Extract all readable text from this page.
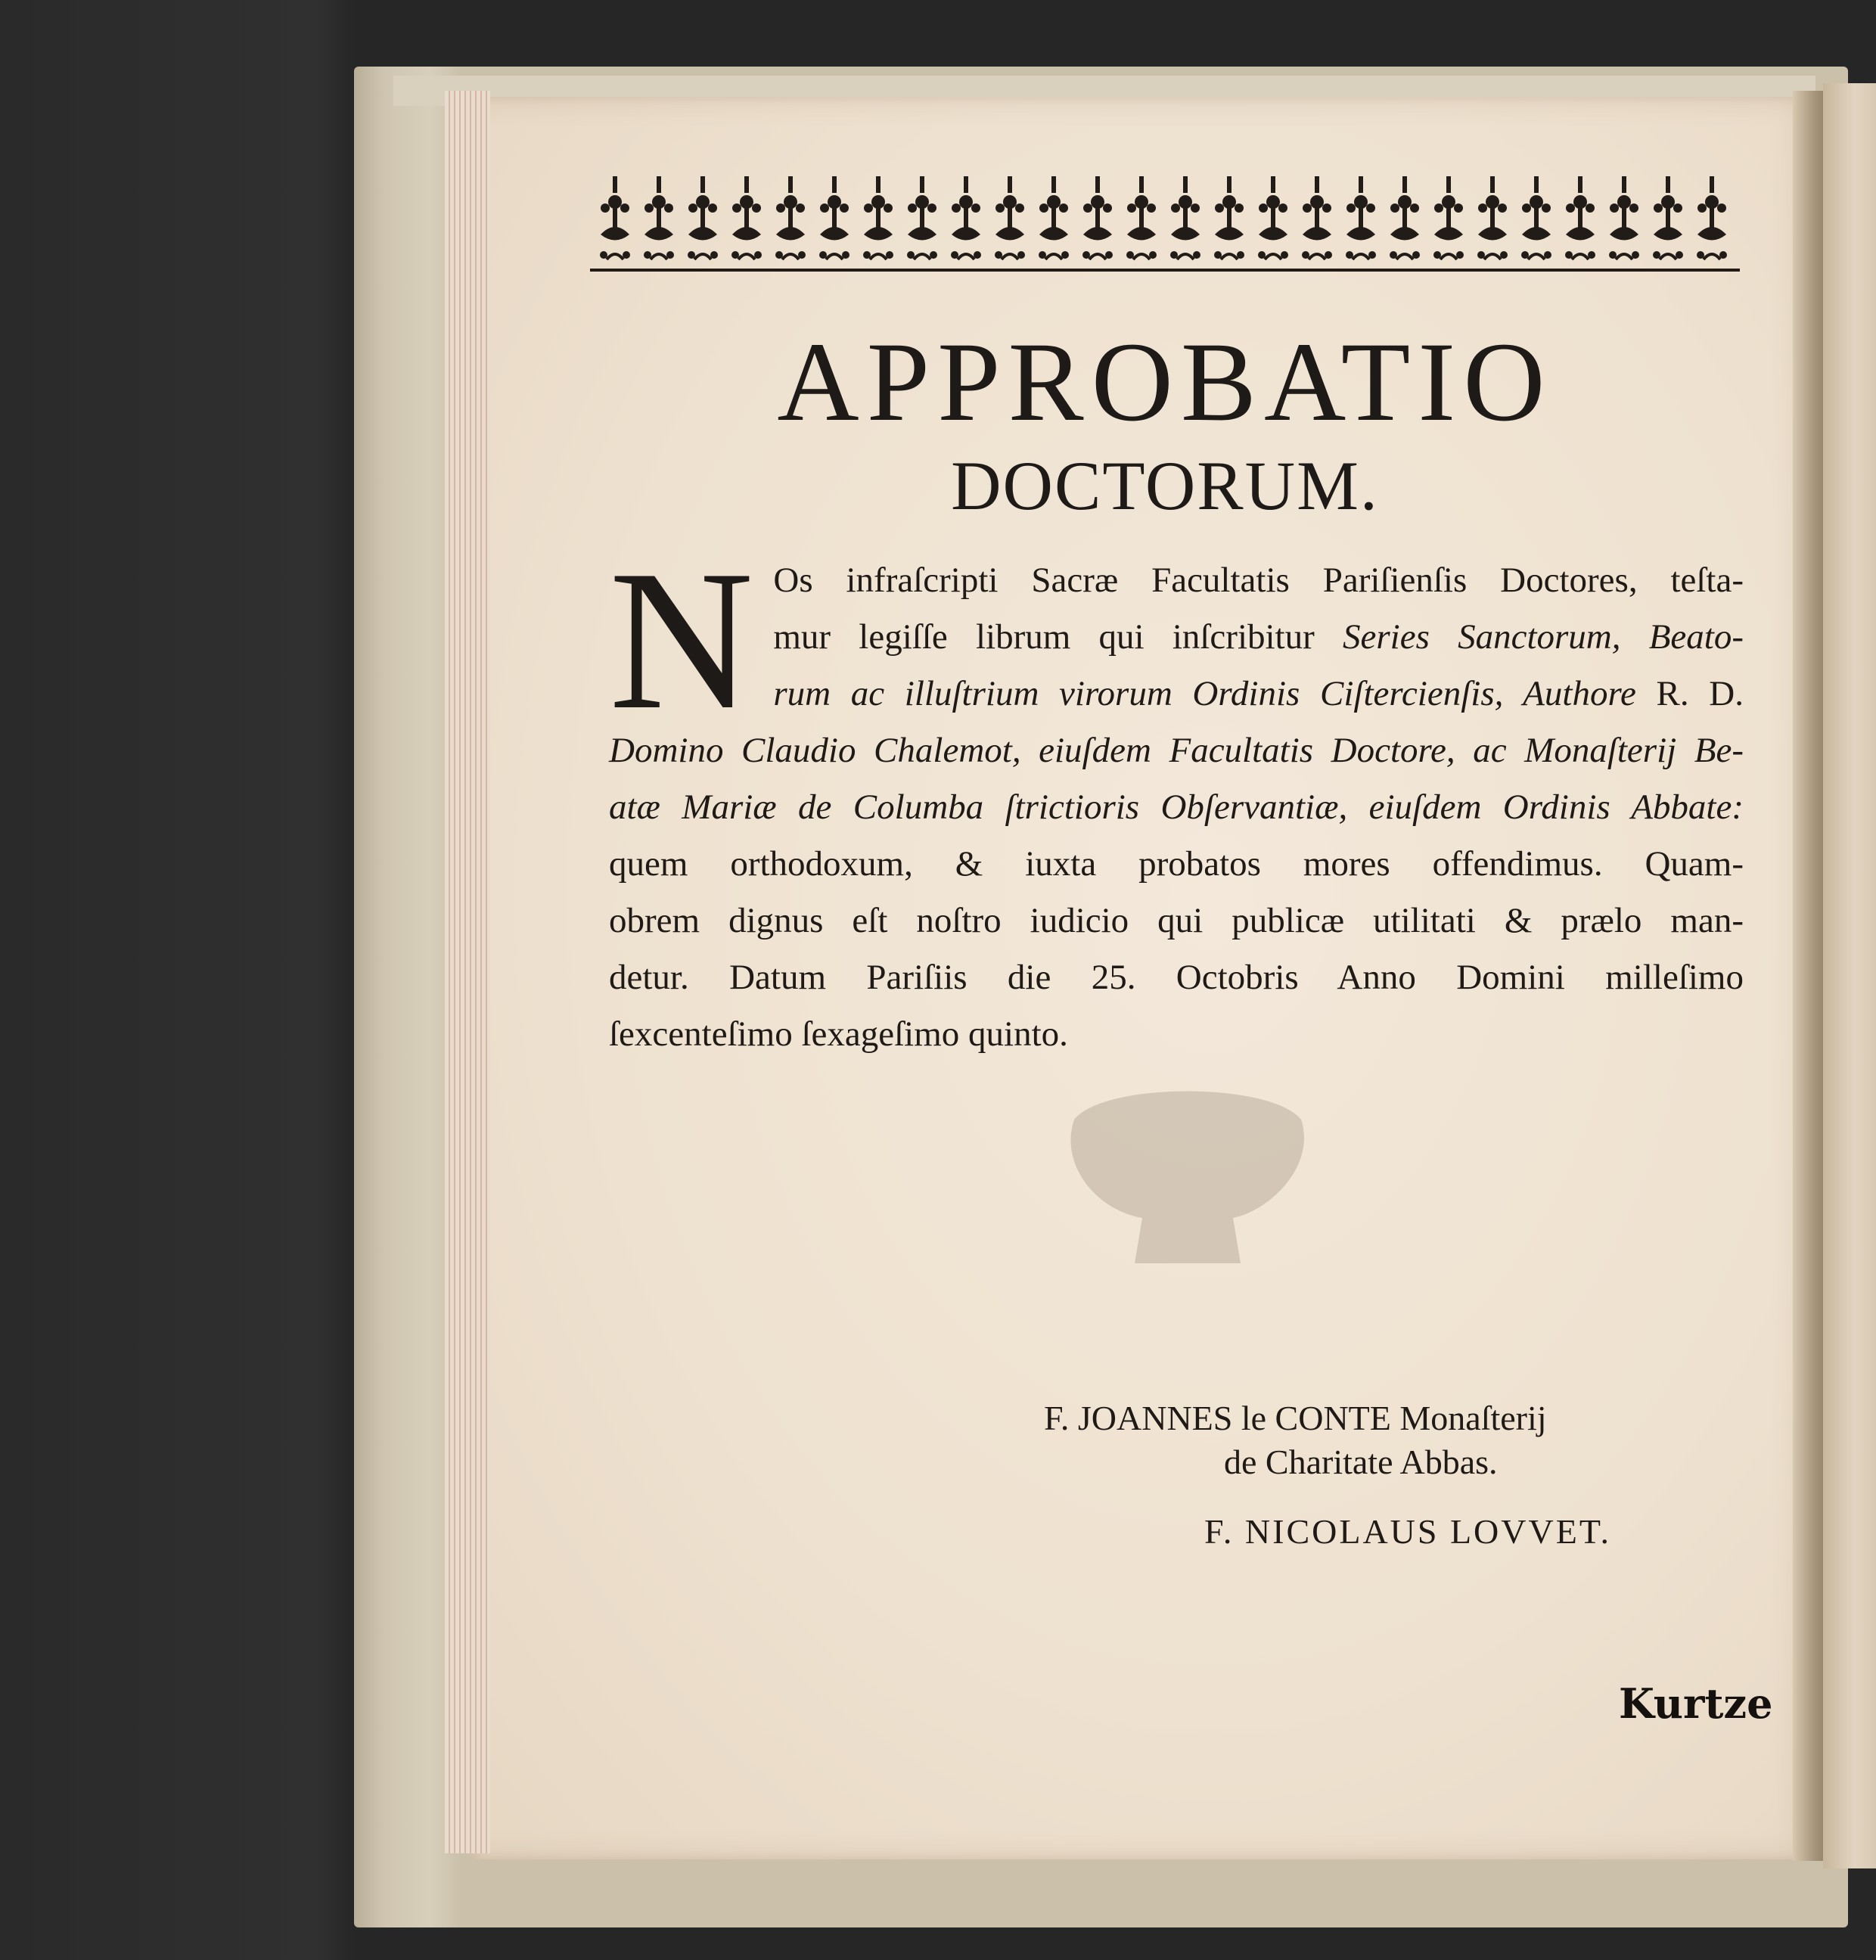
APPROBATIO
DOCTORUM.
N Os infraſcripti Sacræ Facultatis Pariſienſis Doctores, teſta-
mur legiſſe librum qui inſcribitur Series Sanctorum, Beato-
rum ac illuſtrium virorum Ordinis Ciſtercienſis, Authore R. D.
Domino Claudio Chalemot, eiuſdem Facultatis Doctore, ac Monaſterij Be-
atæ Mariæ de Columba ſtrictioris Obſervantiæ, eiuſdem Ordinis Abbate:
quem orthodoxum, & iuxta probatos mores offendimus. Quam-
obrem dignus eſt noſtro iudicio qui publicæ utilitati & prælo man-
detur. Datum Pariſiis die 25. Octobris Anno Domini milleſimo
ſexcenteſimo ſexageſimo quinto.
F. JOANNES le CONTE Monaſterij
de Charitate Abbas.
F. NICOLAUS LOVVET.
Kurtze
